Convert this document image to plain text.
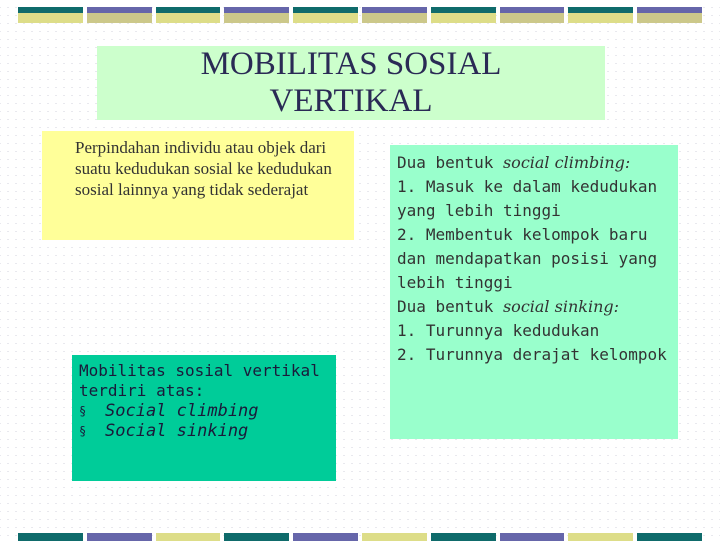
MOBILITAS SOSIAL
VERTIKAL
Perpindahan individu atau objek dari suatu kedudukan sosial ke kedudukan sosial lainnya yang tidak sederajat
Mobilitas sosial vertikal terdiri atas:
§	Social climbing
§	Social sinking
Dua bentuk social climbing:
1. Masuk ke dalam kedudukan yang lebih tinggi
2. Membentuk kelompok baru dan mendapatkan posisi yang lebih tinggi
Dua bentuk social sinking:
1. Turunnya kedudukan
2. Turunnya derajat kelompok
